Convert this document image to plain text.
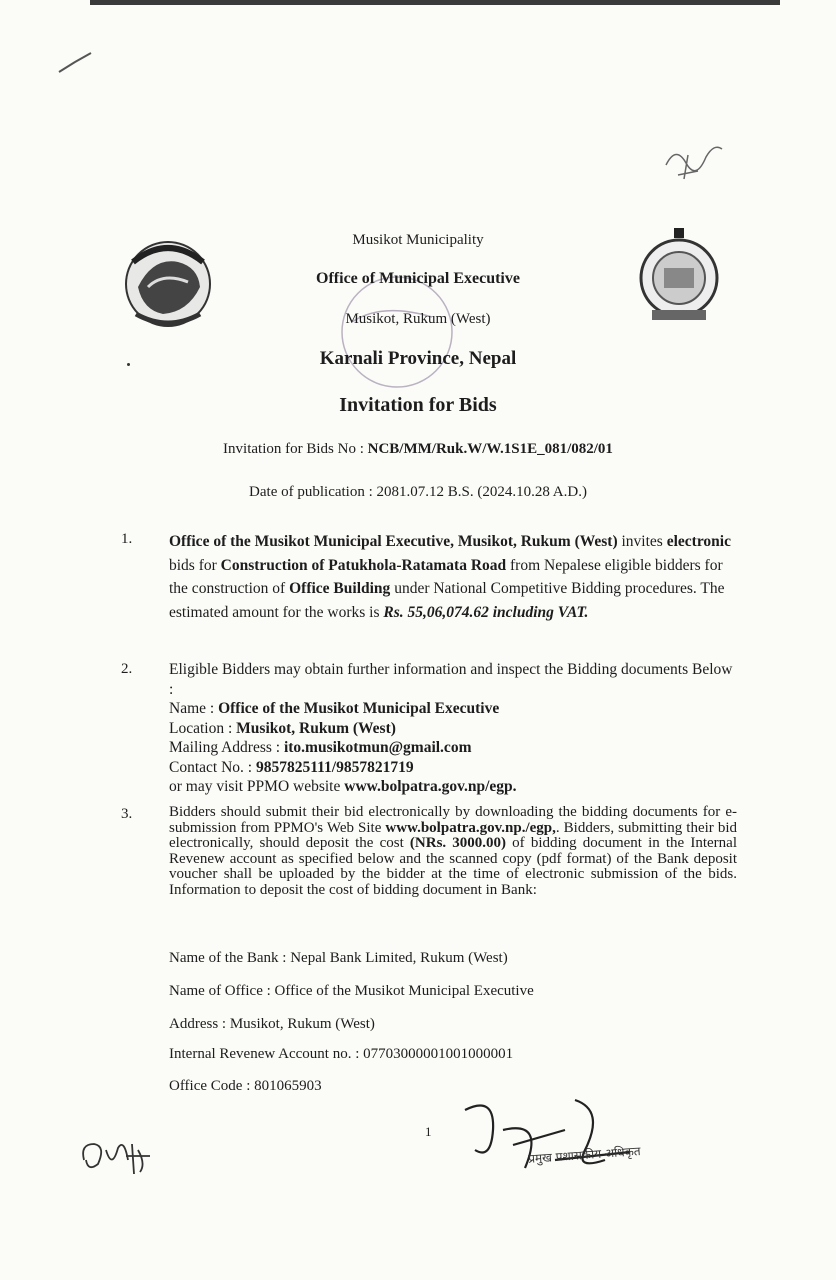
Musikot Municipality
Office of Municipal Executive
Musikot, Rukum (West)
Karnali Province, Nepal
Invitation for Bids
Invitation for Bids No : NCB/MM/Ruk.W/W.1S1E_081/082/01
Date of publication : 2081.07.12 B.S. (2024.10.28 A.D.)
1. Office of the Musikot Municipal Executive, Musikot, Rukum (West) invites electronic bids for Construction of Patukhola-Ratamata Road from Nepalese eligible bidders for the construction of Office Building under National Competitive Bidding procedures. The estimated amount for the works is Rs. 55,06,074.62 including VAT.
2. Eligible Bidders may obtain further information and inspect the Bidding documents Below :
Name : Office of the Musikot Municipal Executive
Location : Musikot, Rukum (West)
Mailing Address : ito.musikotmun@gmail.com
Contact No. : 9857825111/9857821719
or may visit PPMO website www.bolpatra.gov.np/egp.
3. Bidders should submit their bid electronically by downloading the bidding documents for e-submission from PPMO's Web Site www.bolpatra.gov.np./egp,. Bidders, submitting their bid electronically, should deposit the cost (NRs. 3000.00) of bidding document in the Internal Revenew account as specified below and the scanned copy (pdf format) of the Bank deposit voucher shall be uploaded by the bidder at the time of electronic submission of the bids. Information to deposit the cost of bidding document in Bank:
Name of the Bank : Nepal Bank Limited, Rukum (West)
Name of Office : Office of the Musikot Municipal Executive
Address : Musikot, Rukum (West)
Internal Revenew Account no. : 07703000001001000001
Office Code : 801065903
1
प्रमुख प्रशासकीय अधिकृत
